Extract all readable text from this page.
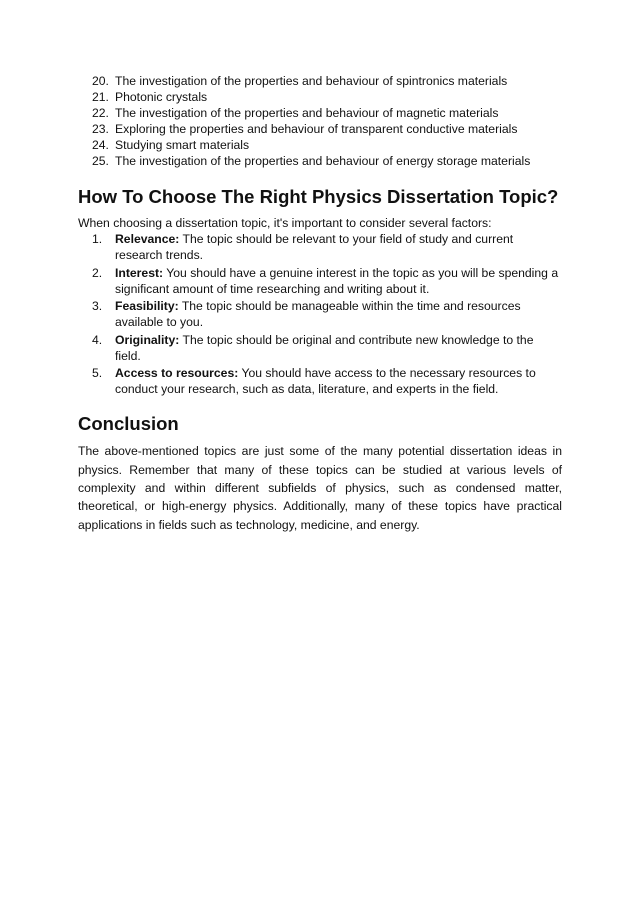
20. The investigation of the properties and behaviour of spintronics materials
21. Photonic crystals
22. The investigation of the properties and behaviour of magnetic materials
23. Exploring the properties and behaviour of transparent conductive materials
24. Studying smart materials
25. The investigation of the properties and behaviour of energy storage materials
How To Choose The Right Physics Dissertation Topic?

When choosing a dissertation topic, it's important to consider several factors:

1.	Relevance: The topic should be relevant to your field of study and current research trends.
2.	Interest: You should have a genuine interest in the topic as you will be spending a significant amount of time researching and writing about it.
3.	Feasibility: The topic should be manageable within the time and resources available to you.
4.	Originality: The topic should be original and contribute new knowledge to the field.
5.	Access to resources: You should have access to the necessary resources to conduct your research, such as data, literature, and experts in the field.
Conclusion

The above-mentioned topics are just some of the many potential dissertation ideas in physics. Remember that many of these topics can be studied at various levels of complexity and within different subfields of physics, such as condensed matter, theoretical, or high-energy physics. Additionally, many of these topics have practical applications in fields such as technology, medicine, and energy.
